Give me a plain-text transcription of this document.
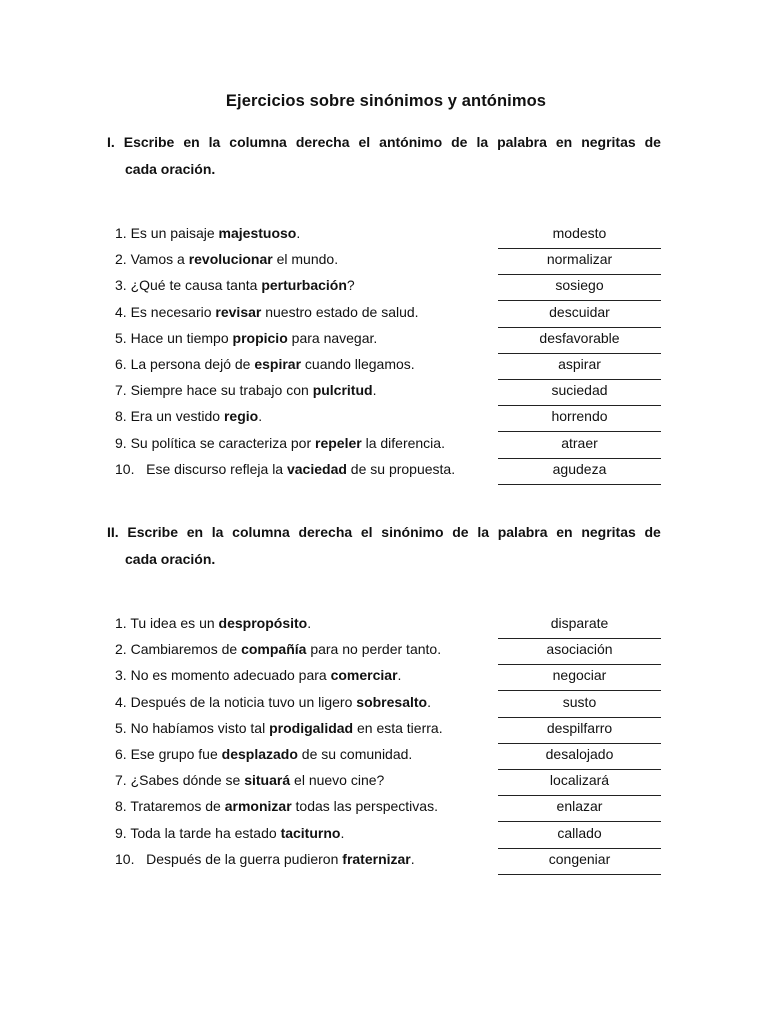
Ejercicios sobre sinónimos y antónimos
I. Escribe en la columna derecha el antónimo de la palabra en negritas de
cada oración.
II. Escribe en la columna derecha el sinónimo de la palabra en negritas de
cada oración.
1. Es un paisaje majestuoso.	modesto
2. Vamos a revolucionar el mundo.	normalizar
3. ¿Qué te causa tanta perturbación?	sosiego
4. Es necesario revisar nuestro estado de salud.	descuidar
5. Hace un tiempo propicio para navegar.	desfavorable
6. La persona dejó de espirar cuando llegamos.	aspirar
7. Siempre hace su trabajo con pulcritud.	suciedad
8. Era un vestido regio.	horrendo
9. Su política se caracteriza por repeler la diferencia.	atraer
10. Ese discurso refleja la vaciedad de su propuesta.	agudeza
1. Tu idea es un despropósito.	disparate
2. Cambiaremos de compañía para no perder tanto.	asociación
3. No es momento adecuado para comerciar.	negociar
4. Después de la noticia tuvo un ligero sobresalto.	susto
5. No habíamos visto tal prodigalidad en esta tierra.	despilfarro
6. Ese grupo fue desplazado de su comunidad.	desalojado
7. ¿Sabes dónde se situará el nuevo cine?	localizará
8. Trataremos de armonizar todas las perspectivas.	enlazar
9. Toda la tarde ha estado taciturno.	callado
10. Después de la guerra pudieron fraternizar.	congeniar
